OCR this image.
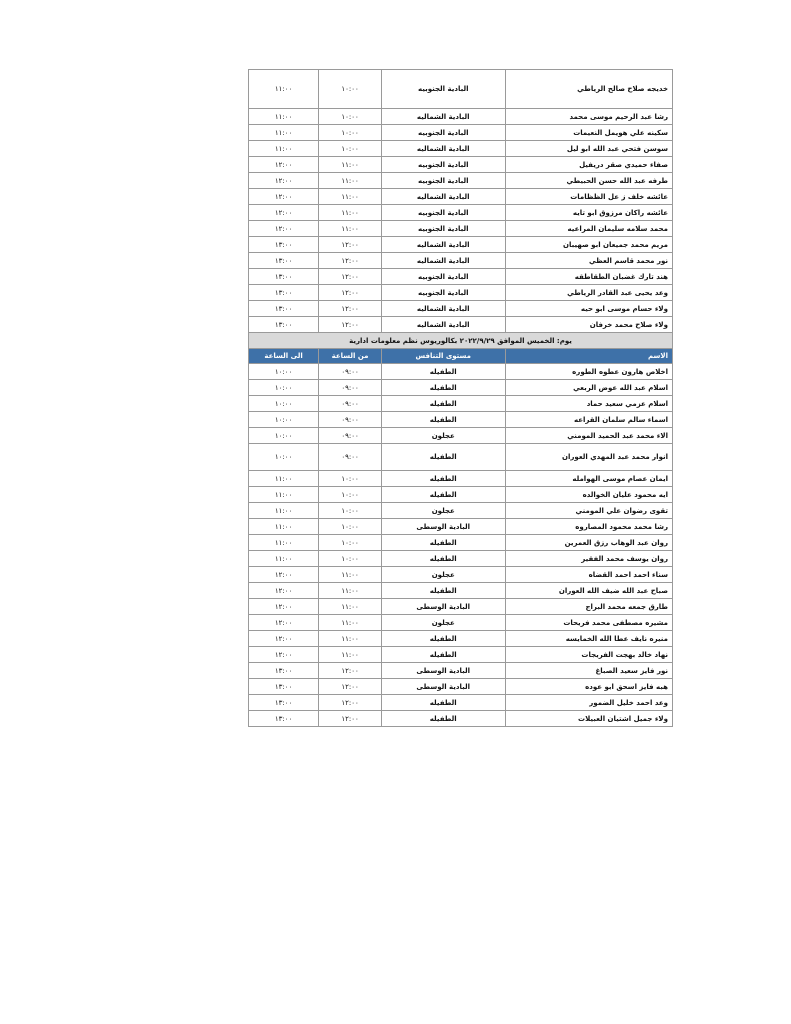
خديجه صلاح صالح الرياطي	البادية الجنوبيه	١٠:٠٠	١١:٠٠
رشا عبد الرحيم موسى محمد	البادية الشماليه	١٠:٠٠	١١:٠٠
سكينه علي هويمل النعيمات	البادية الجنوبيه	١٠:٠٠	١١:٠٠
سوسن فتحي عبد الله ابو ليل	البادية الشماليه	١٠:٠٠	١١:٠٠
صفاء حميدي صقر دريفيل	البادية الجنوبيه	١١:٠٠	١٢:٠٠
طرفه عبد الله حسن الحبيطي	البادية الجنوبيه	١١:٠٠	١٢:٠٠
عائشه خلف ز عل الظظامات	البادية الشماليه	١١:٠٠	١٢:٠٠
عائشه راكان مرزوق ابو تايه	البادية الجنوبيه	١١:٠٠	١٢:٠٠
محمد سلامه سليمان المراعيه	البادية الجنوبيه	١١:٠٠	١٢:٠٠
مريم محمد جميعان ابو صهيبان	البادية الشماليه	١٢:٠٠	١٣:٠٠
نور محمد قاسم العظي	البادية الشماليه	١٢:٠٠	١٣:٠٠
هند تارك غضبان الطقاطقه	البادية الجنوبيه	١٢:٠٠	١٣:٠٠
وعد يحيى عبد القادر الرياطي	البادية الجنوبيه	١٢:٠٠	١٣:٠٠
ولاء حسام موسى ابو حيه	البادية الشماليه	١٢:٠٠	١٣:٠٠
ولاء صلاح محمد خرفان	البادية الشماليه	١٢:٠٠	١٣:٠٠
يوم: الخميس الموافق ٢٠٢٢/٩/٢٩ بكالوريوس نظم معلومات ادارية			
الاسم	مستوى التنافس	من الساعة	الى الساعة
اخلاص هارون عطوه الطوره	الطفيله	٠٩:٠٠	١٠:٠٠
اسلام عبد الله عوض الربعي	الطفيله	٠٩:٠٠	١٠:٠٠
اسلام عزمي سعيد حماد	الطفيله	٠٩:٠٠	١٠:٠٠
اسماء سالم سلمان القراعه	الطفيله	٠٩:٠٠	١٠:٠٠
الاء محمد عبد الحميد المومني	عجلون	٠٩:٠٠	١٠:٠٠
انوار محمد عبد المهدي العوران	الطفيله	٠٩:٠٠	١٠:٠٠
ايمان عصام موسى الهوامله	الطفيله	١٠:٠٠	١١:٠٠
ايه محمود عليان الخوالده	الطفيله	١٠:٠٠	١١:٠٠
تقوى رضوان علي المومني	عجلون	١٠:٠٠	١١:٠٠
رشا محمد محمود المصاروه	البادية الوسطى	١٠:٠٠	١١:٠٠
روان عبد الوهاب رزق العمرين	الطفيله	١٠:٠٠	١١:٠٠
روان يوسف محمد الفقير	الطفيله	١٠:٠٠	١١:٠٠
سناء احمد احمد القضاه	عجلون	١١:٠٠	١٢:٠٠
صباح عبد الله ضيف الله العوران	الطفيله	١١:٠٠	١٢:٠٠
طارق جمعه محمد البراج	البادية الوسطى	١١:٠٠	١٢:٠٠
مشيره مصطفى محمد فريحات	عجلون	١١:٠٠	١٢:٠٠
منيره نايف عطا الله الخمايسه	الطفيله	١١:٠٠	١٢:٠٠
نهاد خالد بهجت الفريجات	الطفيله	١١:٠٠	١٢:٠٠
نور فايز سعيد الصباغ	البادية الوسطى	١٢:٠٠	١٣:٠٠
هبه فايز اسحق ابو عوده	البادية الوسطى	١٢:٠٠	١٣:٠٠
وعد احمد خليل الضمور	الطفيله	١٢:٠٠	١٣:٠٠
ولاء جميل اشتيان العبيلات	الطفيله	١٢:٠٠	١٣:٠٠
